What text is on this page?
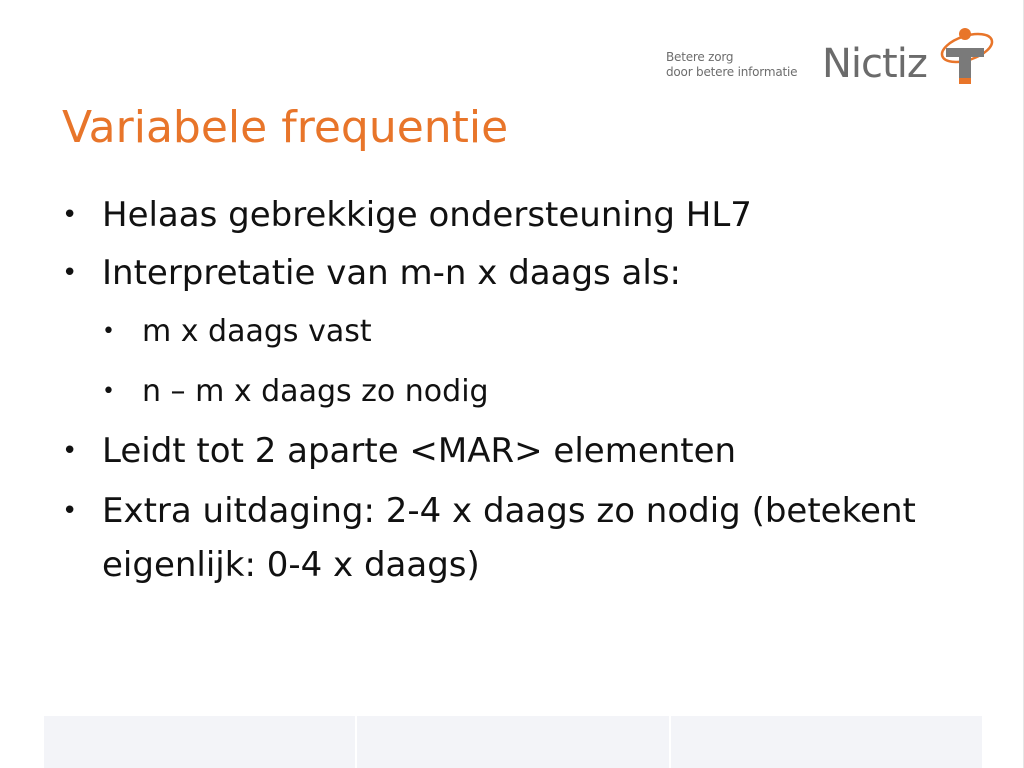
Betere zorg
door betere informatie Nictiz
Variabele frequentie
• Helaas gebrekkige ondersteuning HL7
• Interpretatie van m-n x daags als:
• m x daags vast
• n – m x daags zo nodig
• Leidt tot 2 aparte <MAR> elementen
• Extra uitdaging: 2-4 x daags zo nodig (betekent eigenlijk: 0-4 x daags)
